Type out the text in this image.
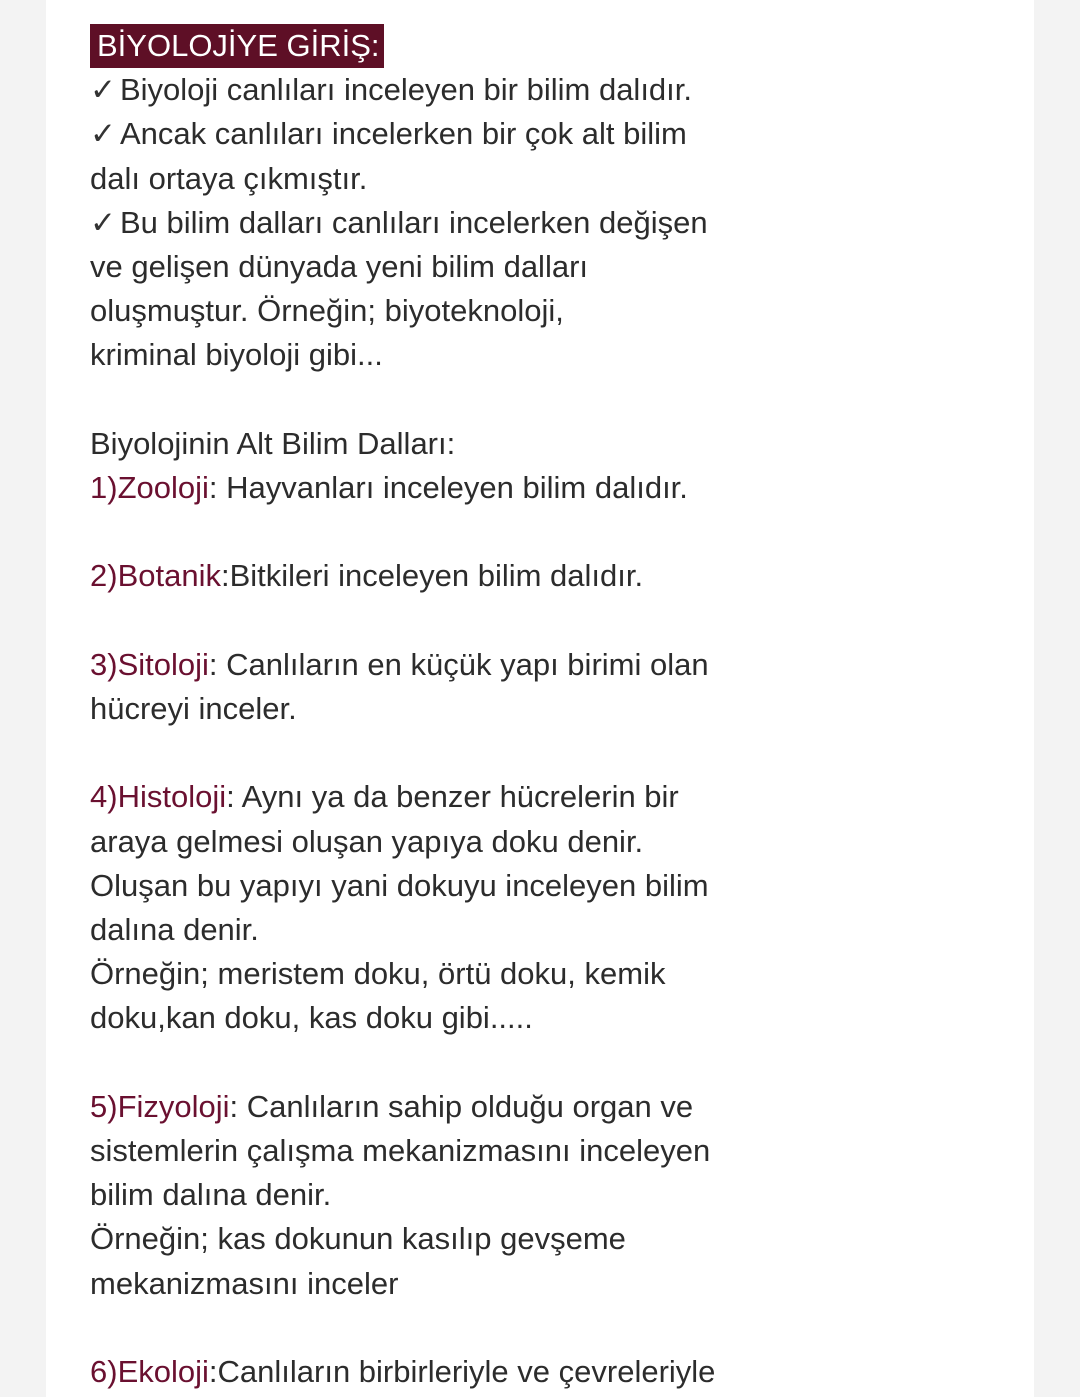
BİYOLOJİYE GİRİŞ:
✓ Biyoloji canlıları inceleyen bir bilim dalıdır.
✓ Ancak canlıları incelerken bir çok alt bilim
dalı ortaya çıkmıştır.
✓ Bu bilim dalları canlıları incelerken değişen
ve gelişen dünyada yeni bilim dalları
oluşmuştur. Örneğin; biyoteknoloji,
kriminal biyoloji gibi...
Biyolojinin Alt Bilim Dalları:
1)Zooloji: Hayvanları inceleyen bilim dalıdır.
2)Botanik:Bitkileri inceleyen bilim dalıdır.
3)Sitoloji: Canlıların en küçük yapı birimi olan
hücreyi inceler.
4)Histoloji: Aynı ya da benzer hücrelerin bir
araya gelmesi oluşan yapıya doku denir.
Oluşan bu yapıyı yani dokuyu inceleyen bilim
dalına denir.
Örneğin; meristem doku, örtü doku, kemik
doku,kan doku, kas doku gibi.....
5)Fizyoloji: Canlıların sahip olduğu organ ve
sistemlerin çalışma mekanizmasını inceleyen
bilim dalına denir.
Örneğin; kas dokunun kasılıp gevşeme
mekanizmasını inceler
6)Ekoloji:Canlıların birbirleriyle ve çevreleriyle
